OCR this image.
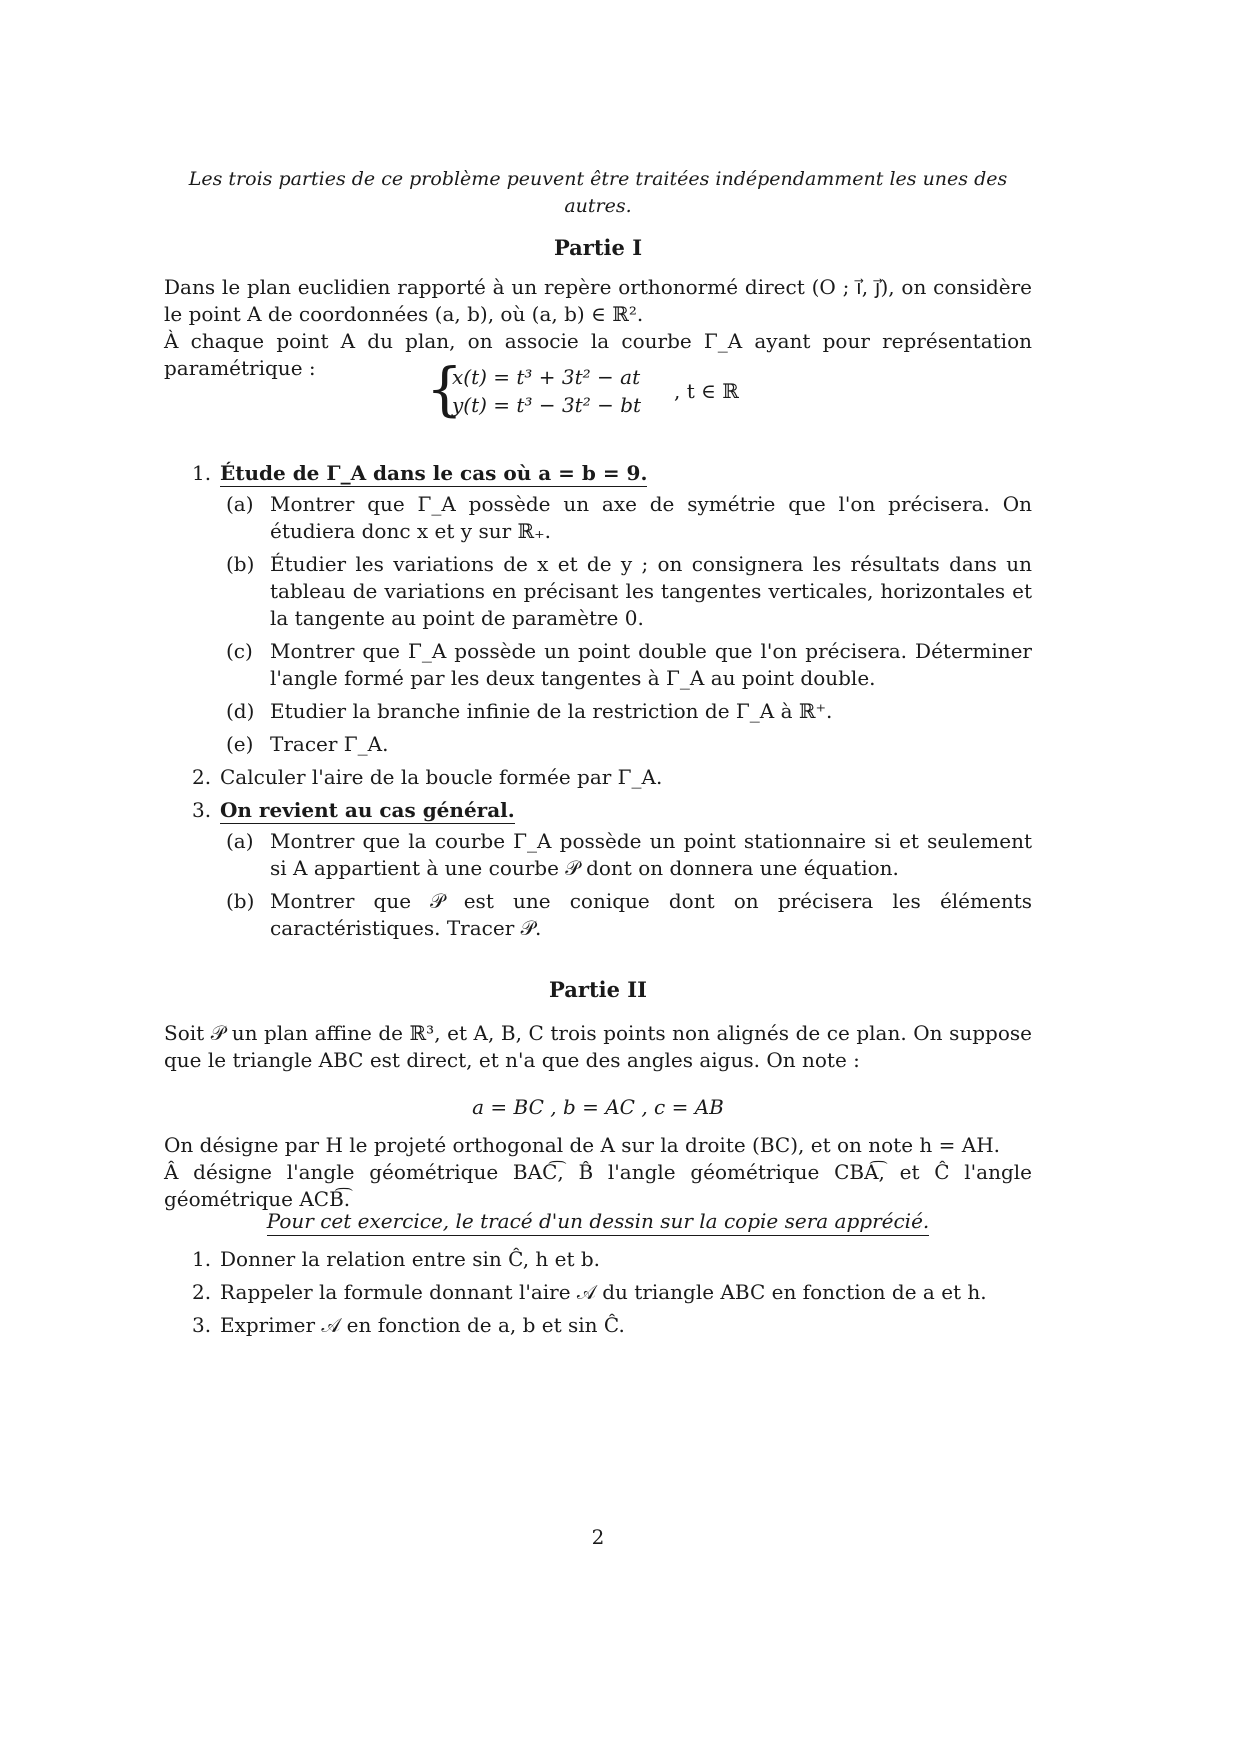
Les trois parties de ce problème peuvent être traitées indépendamment les unes des autres.
Partie I

Dans le plan euclidien rapporté à un repère orthonormé direct (O ; i⃗, j⃗), on considère le point A de coordonnées (a, b), où (a, b) ∈ ℝ².

À chaque point A du plan, on associe la courbe Γ_A ayant pour représentation paramétrique :	{
x(t) = t³ + 3t² − at
y(t) = t³ − 3t² − bt
, t ∈ ℝ
1. Étude de Γ_A dans le cas où a = b = 9.
(a) Montrer que Γ_A possède un axe de symétrie que l'on précisera. On étudiera donc x et y sur ℝ₊.
(b) Étudier les variations de x et de y ; on consignera les résultats dans un tableau de variations en précisant les tangentes verticales, horizontales et la tangente au point de paramètre 0.
(c) Montrer que Γ_A possède un point double que l'on précisera. Déterminer l'angle formé par les deux tangentes à Γ_A au point double.
(d) Etudier la branche infinie de la restriction de Γ_A à ℝ⁺.
(e) Tracer Γ_A.
2. Calculer l'aire de la boucle formée par Γ_A.
3. On revient au cas général.
(a) Montrer que la courbe Γ_A possède un point stationnaire si et seulement si A appartient à une courbe 𝒫 dont on donnera une équation.
(b) Montrer que 𝒫 est une conique dont on précisera les éléments caractéristiques. Tracer 𝒫.
Partie II

Soit 𝒫 un plan affine de ℝ³, et A, B, C trois points non alignés de ce plan. On suppose que le triangle ABC est direct, et n'a que des angles aigus. On note :

a = BC , b = AC , c = AB

On désigne par H le projeté orthogonal de A sur la droite (BC), et on note h = AH.

Â désigne l'angle géométrique BAC͡, B̂ l'angle géométrique CBA͡, et Ĉ l'angle géométrique ACB͡.

Pour cet exercice, le tracé d'un dessin sur la copie sera apprécié.
1. Donner la relation entre sin Ĉ, h et b.
2. Rappeler la formule donnant l'aire 𝒜 du triangle ABC en fonction de a et h.
3. Exprimer 𝒜 en fonction de a, b et sin Ĉ.
2
